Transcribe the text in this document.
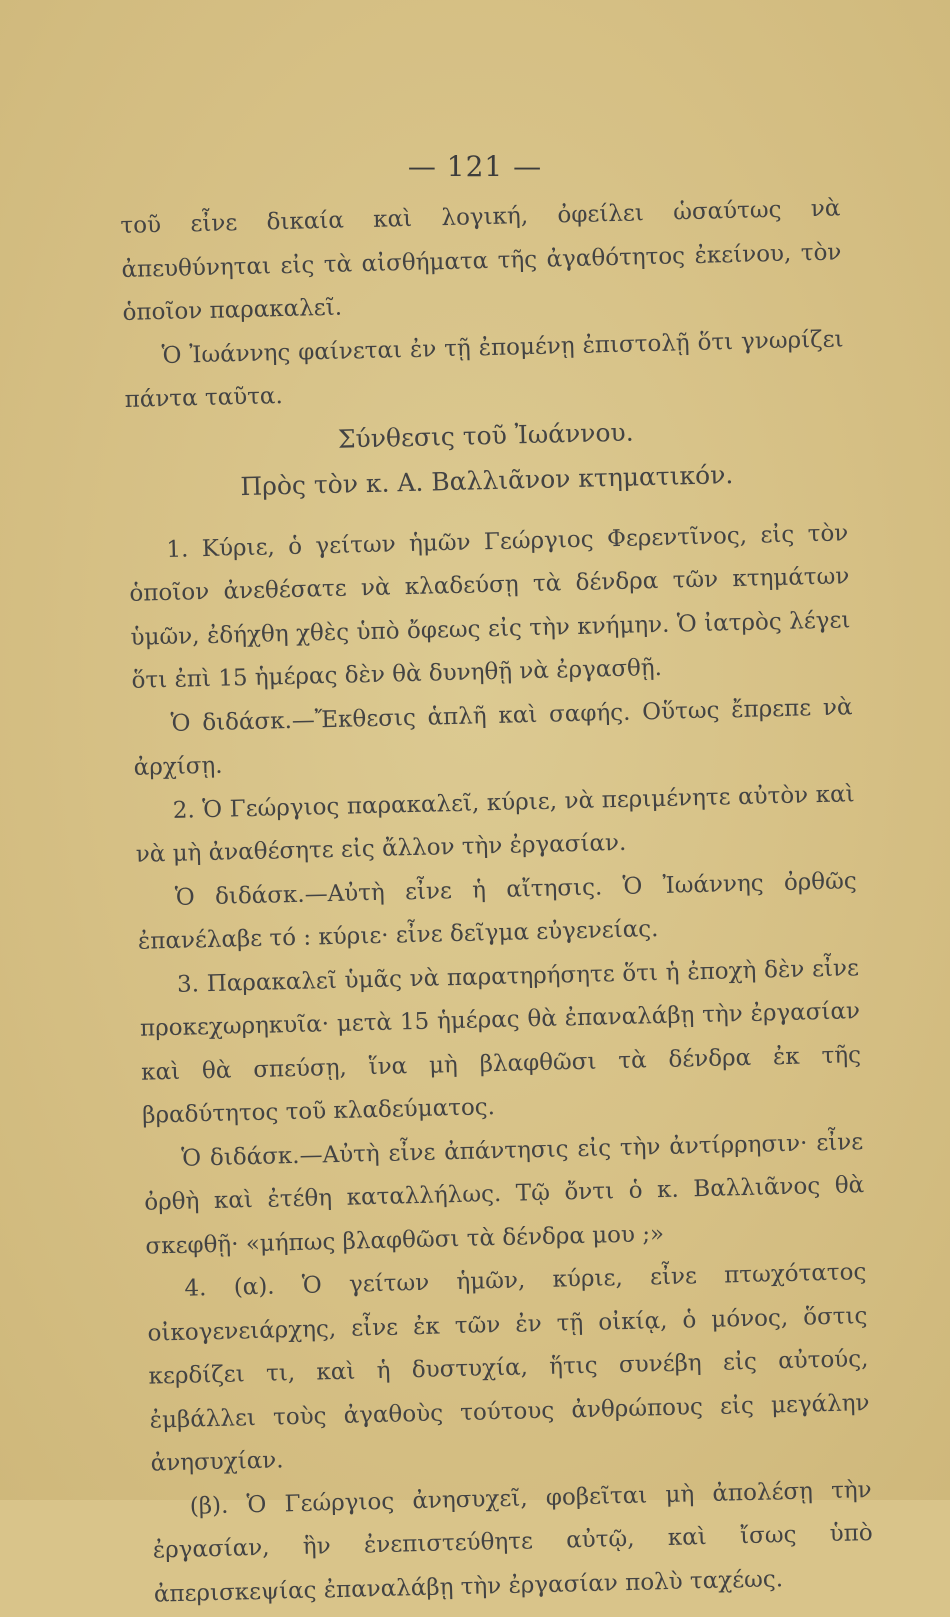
— 121 —

τοῦ εἶνε δικαία καὶ λογική, ὀφείλει ὡσαύτως νὰ ἀπευθύνηται εἰς τὰ αἰσθήματα τῆς ἀγαθότητος ἐκείνου, τὸν ὁποῖον παρακαλεῖ.

Ὁ Ἰωάννης φαίνεται ἐν τῇ ἐπομένῃ ἐπιστολῇ ὅτι γνωρίζει πάντα ταῦτα.

Σύνθεσις τοῦ Ἰωάννου.

Πρὸς τὸν κ. Α. Βαλλιᾶνον κτηματικόν.

1. Κύριε, ὁ γείτων ἡμῶν Γεώργιος Φερεντῖνος, εἰς τὸν ὁποῖον ἀνεθέσατε νὰ κλαδεύσῃ τὰ δένδρα τῶν κτημάτων ὑμῶν, ἐδήχθη χθὲς ὑπὸ ὄφεως εἰς τὴν κνήμην. Ὁ ἰατρὸς λέγει ὅτι ἐπὶ 15 ἡμέρας δὲν θὰ δυνηθῇ νὰ ἐργασθῇ.

Ὁ διδάσκ.—Ἔκθεσις ἁπλῆ καὶ σαφής. Οὕτως ἔπρεπε νὰ ἀρχίσῃ.

2. Ὁ Γεώργιος παρακαλεῖ, κύριε, νὰ περιμένητε αὐτὸν καὶ νὰ μὴ ἀναθέσητε εἰς ἄλλον τὴν ἐργασίαν.

Ὁ διδάσκ.—Αὐτὴ εἶνε ἡ αἴτησις. Ὁ Ἰωάννης ὀρθῶς ἐπανέλαβε τό : κύριε· εἶνε δεῖγμα εὐγενείας.

3. Παρακαλεῖ ὑμᾶς νὰ παρατηρήσητε ὅτι ἡ ἐποχὴ δὲν εἶνε προκεχωρηκυῖα· μετὰ 15 ἡμέρας θὰ ἐπαναλάβῃ τὴν ἐργασίαν καὶ θὰ σπεύσῃ, ἵνα μὴ βλαφθῶσι τὰ δένδρα ἐκ τῆς βραδύτητος τοῦ κλαδεύματος.

Ὁ διδάσκ.—Αὐτὴ εἶνε ἀπάντησις εἰς τὴν ἀντίρρησιν· εἶνε ὀρθὴ καὶ ἐτέθη καταλλήλως. Τῷ ὄντι ὁ κ. Βαλλιᾶνος θὰ σκεφθῇ· «μήπως βλαφθῶσι τὰ δένδρα μου ;»

4. (α). Ὁ γείτων ἡμῶν, κύριε, εἶνε πτωχότατος οἰκογενειάρχης, εἶνε ἐκ τῶν ἐν τῇ οἰκίᾳ, ὁ μόνος, ὅστις κερδίζει τι, καὶ ἡ δυστυχία, ἥτις συνέβη εἰς αὐτούς, ἐμβάλλει τοὺς ἀγαθοὺς τούτους ἀνθρώπους εἰς μεγάλην ἀνησυχίαν.

(β). Ὁ Γεώργιος ἀνησυχεῖ, φοβεῖται μὴ ἀπολέσῃ τὴν ἐργασίαν, ἣν ἐνεπιστεύθητε αὐτῷ, καὶ ἴσως ὑπὸ ἀπερισκεψίας ἐπαναλάβῃ τὴν ἐργασίαν πολὺ ταχέως.
